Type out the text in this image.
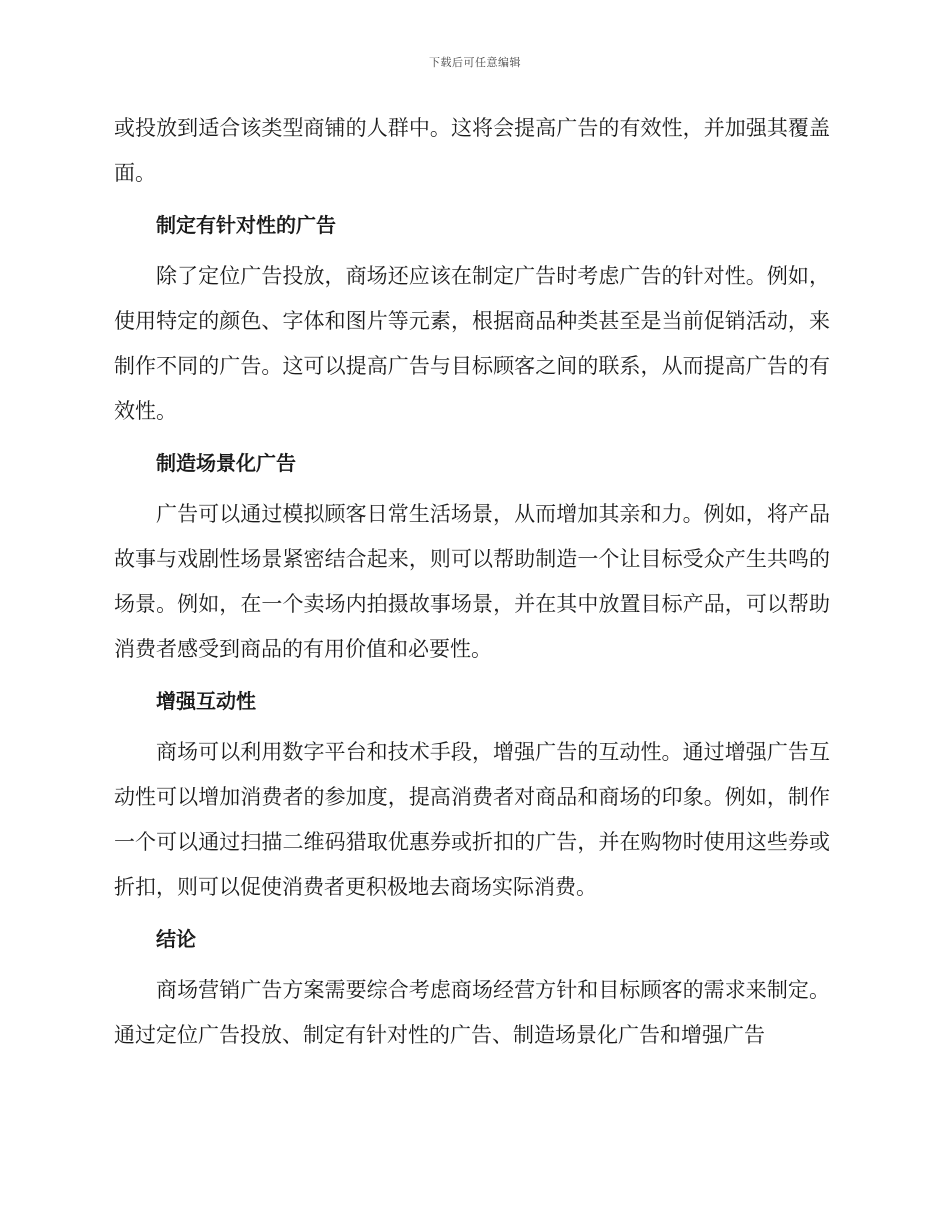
下载后可任意编辑

或投放到适合该类型商铺的人群中。这将会提高广告的有效性，并加强其覆盖面。

制定有针对性的广告

除了定位广告投放，商场还应该在制定广告时考虑广告的针对性。例如，使用特定的颜色、字体和图片等元素，根据商品种类甚至是当前促销活动，来制作不同的广告。这可以提高广告与目标顾客之间的联系，从而提高广告的有效性。

制造场景化广告

广告可以通过模拟顾客日常生活场景，从而增加其亲和力。例如，将产品故事与戏剧性场景紧密结合起来，则可以帮助制造一个让目标受众产生共鸣的场景。例如，在一个卖场内拍摄故事场景，并在其中放置目标产品，可以帮助消费者感受到商品的有用价值和必要性。

增强互动性

商场可以利用数字平台和技术手段，增强广告的互动性。通过增强广告互动性可以增加消费者的参加度，提高消费者对商品和商场的印象。例如，制作一个可以通过扫描二维码猎取优惠券或折扣的广告，并在购物时使用这些券或折扣，则可以促使消费者更积极地去商场实际消费。

结论

商场营销广告方案需要综合考虑商场经营方针和目标顾客的需求来制定。通过定位广告投放、制定有针对性的广告、制造场景化广告和增强广告
